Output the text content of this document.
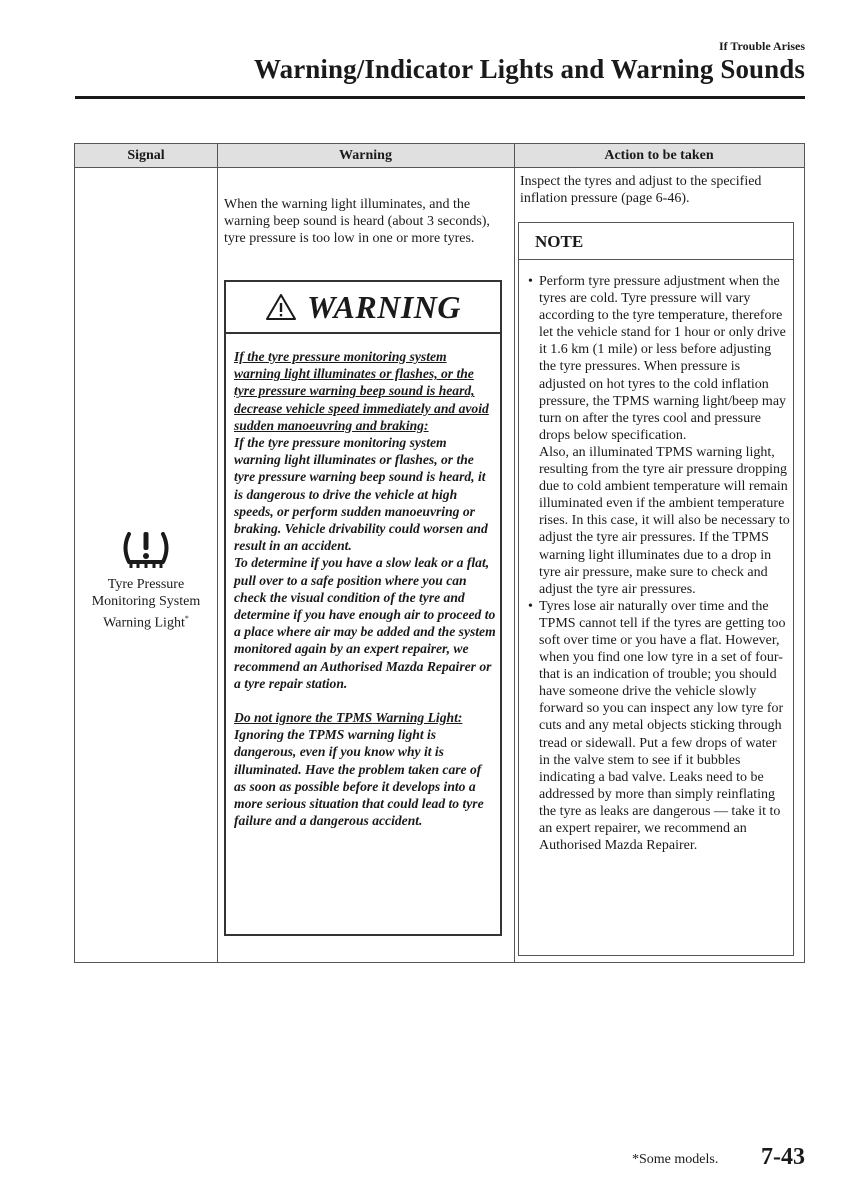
If Trouble Arises
Warning/Indicator Lights and Warning Sounds
Signal	Warning	Action to be taken
Tyre Pressure
Monitoring System
Warning Light*
When the warning light illuminates, and the warning beep sound is heard (about 3 seconds), tyre pressure is too low in one or more tyres.
WARNING

If the tyre pressure monitoring system warning light illuminates or flashes, or the tyre pressure warning beep sound is heard, decrease vehicle speed immediately and avoid sudden manoeuvring and braking:

If the tyre pressure monitoring system warning light illuminates or flashes, or the tyre pressure warning beep sound is heard, it is dangerous to drive the vehicle at high speeds, or perform sudden manoeuvring or braking. Vehicle drivability could worsen and result in an accident.

To determine if you have a slow leak or a flat, pull over to a safe position where you can check the visual condition of the tyre and determine if you have enough air to proceed to a place where air may be added and the system monitored again by an expert repairer, we recommend an Authorised Mazda Repairer or a tyre repair station.

Do not ignore the TPMS Warning Light:

Ignoring the TPMS warning light is dangerous, even if you know why it is illuminated. Have the problem taken care of as soon as possible before it develops into a more serious situation that could lead to tyre failure and a dangerous accident.

Inspect the tyres and adjust to the specified inflation pressure (page 6-46).
NOTE
• Perform tyre pressure adjustment when the tyres are cold. Tyre pressure will vary according to the tyre temperature, therefore let the vehicle stand for 1 hour or only drive it 1.6 km (1 mile) or less before adjusting the tyre pressures. When pressure is adjusted on hot tyres to the cold inflation pressure, the TPMS warning light/beep may turn on after the tyres cool and pressure drops below specification.

Also, an illuminated TPMS warning light, resulting from the tyre air pressure dropping due to cold ambient temperature will remain illuminated even if the ambient temperature rises. In this case, it will also be necessary to adjust the tyre air pressures. If the TPMS warning light illuminates due to a drop in tyre air pressure, make sure to check and adjust the tyre air pressures.

• Tyres lose air naturally over time and the TPMS cannot tell if the tyres are getting too soft over time or you have a flat. However, when you find one low tyre in a set of four-that is an indication of trouble; you should have someone drive the vehicle slowly forward so you can inspect any low tyre for cuts and any metal objects sticking through tread or sidewall. Put a few drops of water in the valve stem to see if it bubbles indicating a bad valve. Leaks need to be addressed by more than simply reinflating the tyre as leaks are dangerous — take it to an expert repairer, we recommend an Authorised Mazda Repairer.

*Some models. 7-43
